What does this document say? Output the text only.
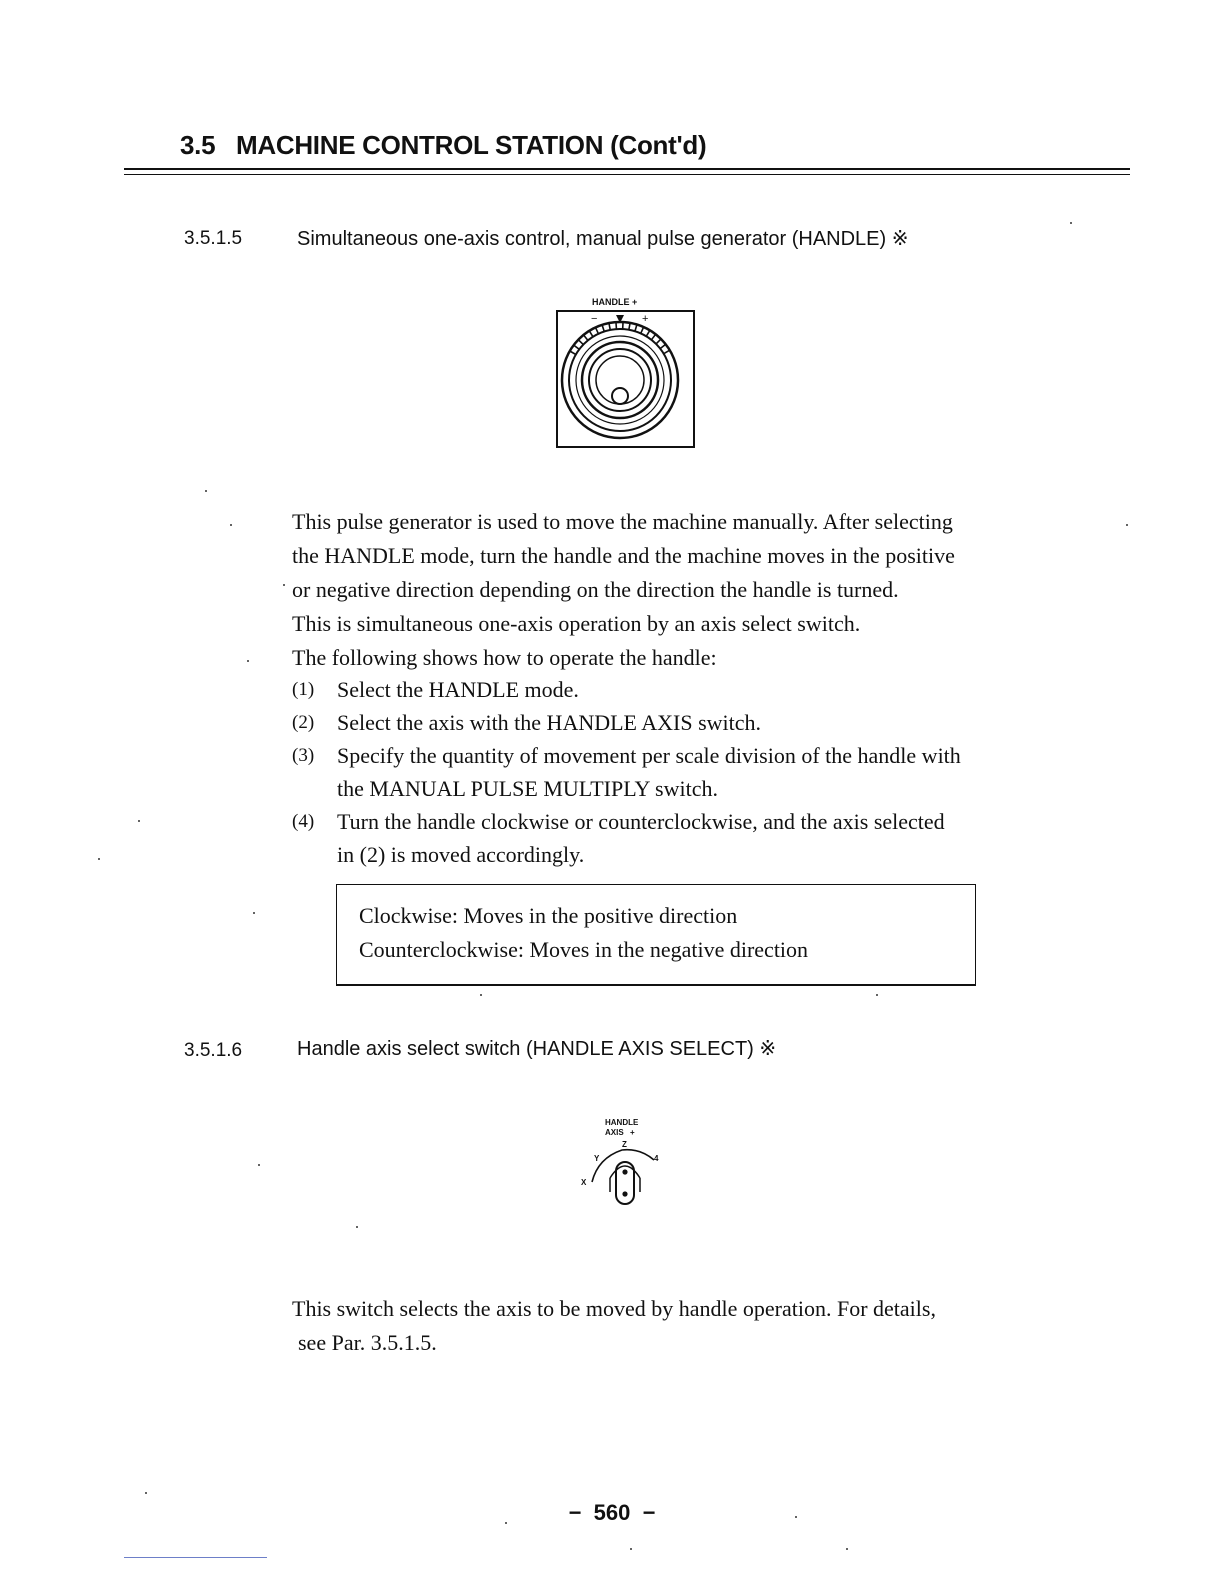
3.5   MACHINE CONTROL STATION (Cont'd)
3.5.1.5	Simultaneous one-axis control, manual pulse generator (HANDLE) ※
HANDLE +
−	+

This pulse generator is used to move the machine manually. After selecting

the HANDLE mode, turn the handle and the machine moves in the positive

or negative direction depending on the direction the handle is turned.

This is simultaneous one-axis operation by an axis select switch.

The following shows how to operate the handle:

(1) Select the HANDLE mode.
(2) Select the axis with the HANDLE AXIS switch.
(3) Specify the quantity of movement per scale division of the handle with
the MANUAL PULSE MULTIPLY switch.
(4) Turn the handle clockwise or counterclockwise, and the axis selected
in (2) is moved accordingly.
Clockwise: Moves in the positive direction
Counterclockwise: Moves in the negative direction
3.5.1.6	Handle axis select switch (HANDLE AXIS SELECT) ※
HANDLE
AXIS +
Z
Y	4
X

This switch selects the axis to be moved by handle operation. For details,

see Par. 3.5.1.5.

−  560  −
